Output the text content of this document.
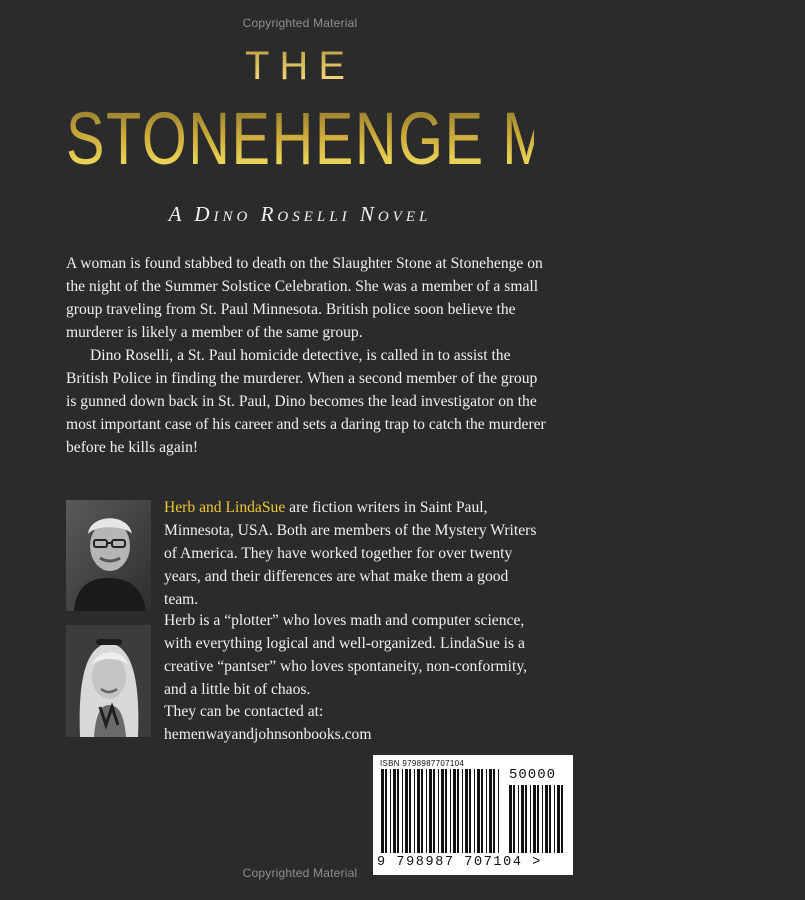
Copyrighted Material
THE
STONEHENGE MURDERS
A Dino Roselli Novel

A woman is found stabbed to death on the Slaughter Stone at Stonehenge on the night of the Summer Solstice Celebration. She was a member of a small group traveling from St. Paul Minnesota. British police soon believe the murderer is likely a member of the same group.

Dino Roselli, a St. Paul homicide detective, is called in to assist the British Police in finding the murderer. When a second member of the group is gunned down back in St. Paul, Dino becomes the lead investigator on the most important case of his career and sets a daring trap to catch the murderer before he kills again!

Herb and LindaSue are fiction writers in Saint Paul, Minnesota, USA. Both are members of the Mystery Writers of America. They have worked together for over twenty years, and their differences are what make them a good team.

Herb is a “plotter” who loves math and computer science, with everything logical and well-organized. LindaSue is a creative “pantser” who loves spontaneity, non-conformity, and a little bit of chaos.

They can be contacted at:

hemenwayandjohnsonbooks.com

ISBN 9798987707104
50000
9 798987 707104 >
Copyrighted Material
